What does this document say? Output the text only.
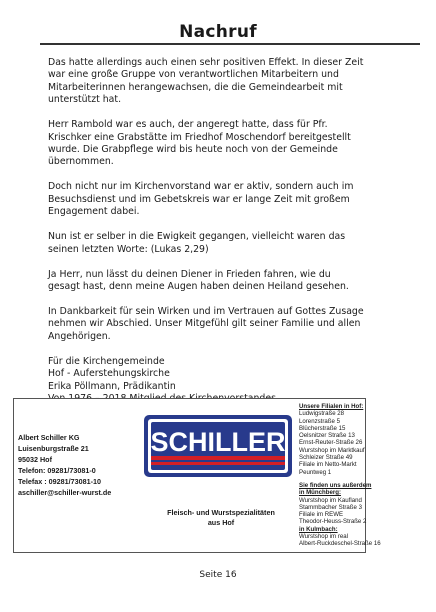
Nachruf

Das hatte allerdings auch einen sehr positiven Effekt. In dieser Zeit
war eine große Gruppe von verantwortlichen Mitarbeitern und
Mitarbeiterinnen herangewachsen, die die Gemeindearbeit mit
unterstützt hat.

Herr Rambold war es auch, der angeregt hatte, dass für Pfr.
Krischker eine Grabstätte im Friedhof Moschendorf bereitgestellt
wurde. Die Grabpflege wird bis heute noch von der Gemeinde
übernommen.

Doch nicht nur im Kirchenvorstand war er aktiv, sondern auch im
Besuchsdienst und im Gebetskreis war er lange Zeit mit großem
Engagement dabei.

Nun ist er selber in die Ewigkeit gegangen, vielleicht waren das
seinen letzten Worte: (Lukas 2,29)

Ja Herr, nun lässt du deinen Diener in Frieden fahren, wie du
gesagt hast, denn meine Augen haben deinen Heiland gesehen.

In Dankbarkeit für sein Wirken und im Vertrauen auf Gottes Zusage
nehmen wir Abschied. Unser Mitgefühl gilt seiner Familie und allen
Angehörigen.

Für die Kirchengemeinde
Hof - Auferstehungskirche
Erika Pöllmann, Prädikantin

Albert Schiller KG
Luisenburgstraße 21
95032 Hof
Telefon: 09281/73081-0
Telefax : 09281/73081-10
aschiller@schiller-wurst.de
SCHILLER
Fleisch- und Wurstspezialitäten
aus Hof
Unsere Filialen in Hof:
Ludwigstraße 28
Lorenzstraße 5
Blücherstraße 15
Oelsnitzer Straße 13
Ernst-Reuter-Straße 26
Wurstshop im Marktkauf
Schleizer Straße 49
Filiale im Netto-Markt
Peuntweg 1
Sie finden uns außerdem
in Münchberg:
Wurstshop im Kaufland
Stammbacher Straße 3
Filiale im REWE
Theodor-Heuss-Straße 2
in Kulmbach:
Wurstshop im real
Albert-Ruckdeschel-Straße 16
Seite 16
